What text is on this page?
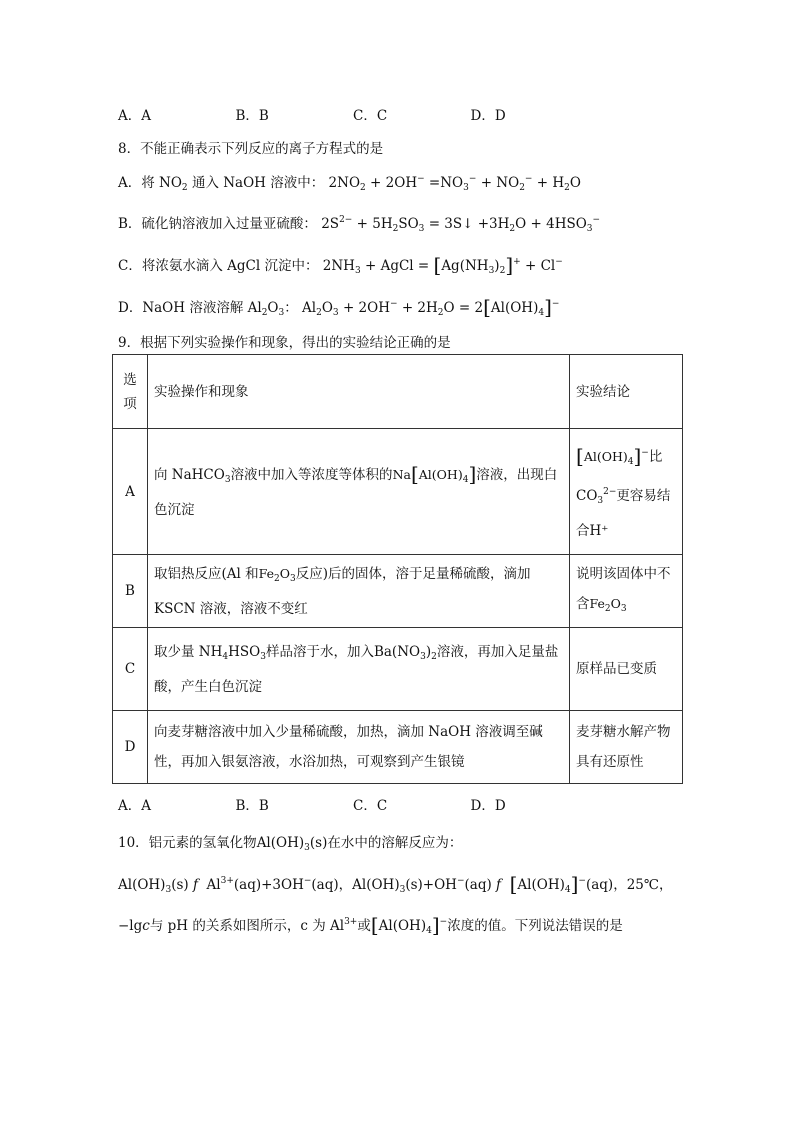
A．A	B．B	C．C	D．D
8．不能正确表示下列反应的离子方程式的是
A．将 $NO_2$ 通入 NaOH 溶液中： $2NO_2 + 2OH^- =NO_3^- + NO_2^- + H_2O$
B．硫化钠溶液加入过量亚硫酸： $2S^{2-} + 5H_2SO_3$ = 3S↓ $+3H_2O + 4HSO_3^-$
C．将浓氨水滴入 AgCl 沉淀中： $2NH_3$ + AgCl = $[Ag(NH_3)_2]^+ + Cl^-$
D．NaOH 溶液溶解 $Al_2O_3$： $Al_2O_3 + 2OH^- + 2H_2O = 2[Al(OH)_4]^-$
9．根据下列实验操作和现象，得出的实验结论正确的是
选项	实验操作和现象	实验结论
A	向 NaHCO$_3$溶液中加入等浓度等体积的$Na[Al(OH)_4]$溶液，出现白色沉淀	$[Al(OH)_4]^-$比
$CO_3^{2-}$更容易结合H⁺
B	取铝热反应(Al 和$Fe_2O_3$反应)后的固体，溶于足量稀硫酸，滴加 KSCN 溶液，溶液不变红	说明该固体中不含$Fe_2O_3$
C	取少量 $NH_4HSO_3$样品溶于水，加入$Ba(NO_3)_2$溶液，再加入足量盐酸，产生白色沉淀	原样品已变质
D	向麦芽糖溶液中加入少量稀硫酸，加热，滴加 NaOH 溶液调至碱性，再加入银氨溶液，水浴加热，可观察到产生银镜	麦芽糖水解产物具有还原性
A．A	B．B	C．C	D．D
10．铝元素的氢氧化物$Al(OH)_3(s)$在水中的溶解反应为：
$Al(OH)_3(s)$ f  $Al^{3+}(aq)+3OH^-(aq)$，$Al(OH)_3(s)+OH^-(aq)$ f $[Al(OH)_4]^-(aq)$，25℃，
−lgc与 pH 的关系如图所示，c 为 $Al^{3+}$或$[Al(OH)_4]^-$浓度的值。下列说法错误的是
